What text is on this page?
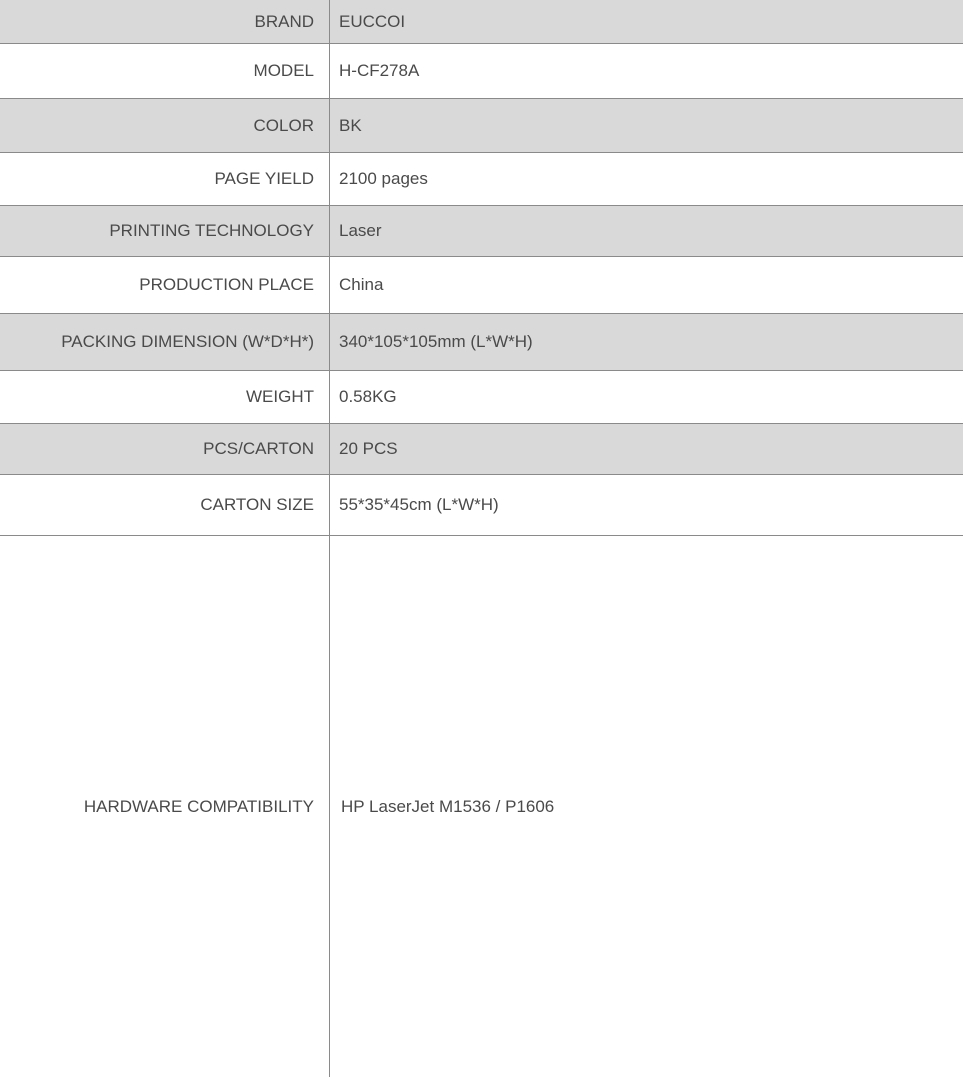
BRAND	EUCCOI
MODEL	H-CF278A
COLOR	BK
PAGE YIELD	2100 pages
PRINTING TECHNOLOGY	Laser
PRODUCTION PLACE	China
PACKING DIMENSION (W*D*H*)	340*105*105mm (L*W*H)
WEIGHT	0.58KG
PCS/CARTON	20 PCS
CARTON SIZE	55*35*45cm (L*W*H)
HARDWARE COMPATIBILITY	HP LaserJet M1536 / P1606
